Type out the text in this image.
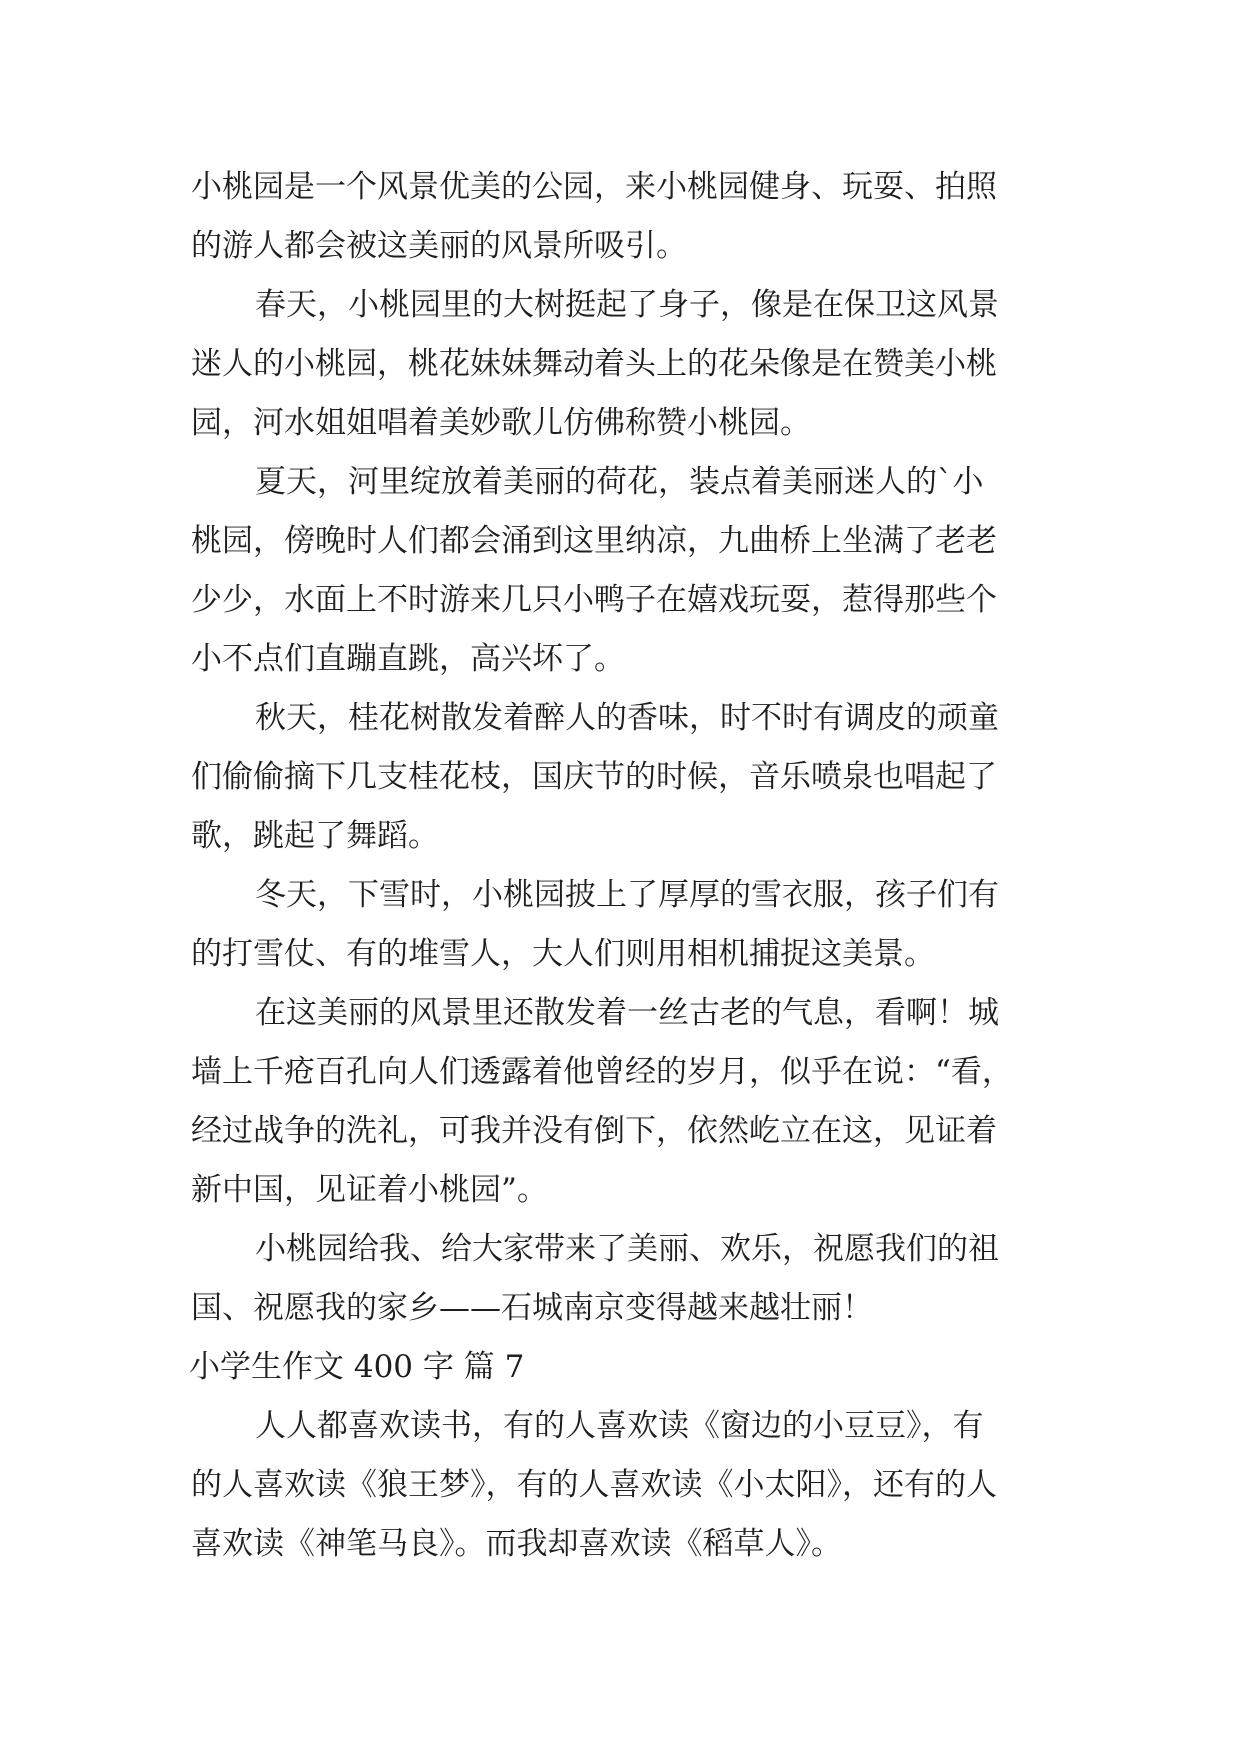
小桃园是一个风景优美的公园，来小桃园健身、玩耍、拍照
的游人都会被这美丽的风景所吸引。
春天，小桃园里的大树挺起了身子，像是在保卫这风景
迷人的小桃园，桃花妹妹舞动着头上的花朵像是在赞美小桃
园，河水姐姐唱着美妙歌儿仿佛称赞小桃园。
夏天，河里绽放着美丽的荷花，装点着美丽迷人的`小
桃园，傍晚时人们都会涌到这里纳凉，九曲桥上坐满了老老
少少，水面上不时游来几只小鸭子在嬉戏玩耍，惹得那些个
小不点们直蹦直跳，高兴坏了。
秋天，桂花树散发着醉人的香味，时不时有调皮的顽童
们偷偷摘下几支桂花枝，国庆节的时候，音乐喷泉也唱起了
歌，跳起了舞蹈。
冬天，下雪时，小桃园披上了厚厚的雪衣服，孩子们有
的打雪仗、有的堆雪人，大人们则用相机捕捉这美景。
在这美丽的风景里还散发着一丝古老的气息，看啊！城
墙上千疮百孔向人们透露着他曾经的岁月，似乎在说：“看，
经过战争的洗礼，可我并没有倒下，依然屹立在这，见证着
新中国，见证着小桃园”。
小桃园给我、给大家带来了美丽、欢乐，祝愿我们的祖
国、祝愿我的家乡——石城南京变得越来越壮丽！
小学生作文 400 字 篇 7
人人都喜欢读书，有的人喜欢读《窗边的小豆豆》，有
的人喜欢读《狼王梦》，有的人喜欢读《小太阳》，还有的人
喜欢读《神笔马良》。而我却喜欢读《稻草人》。
